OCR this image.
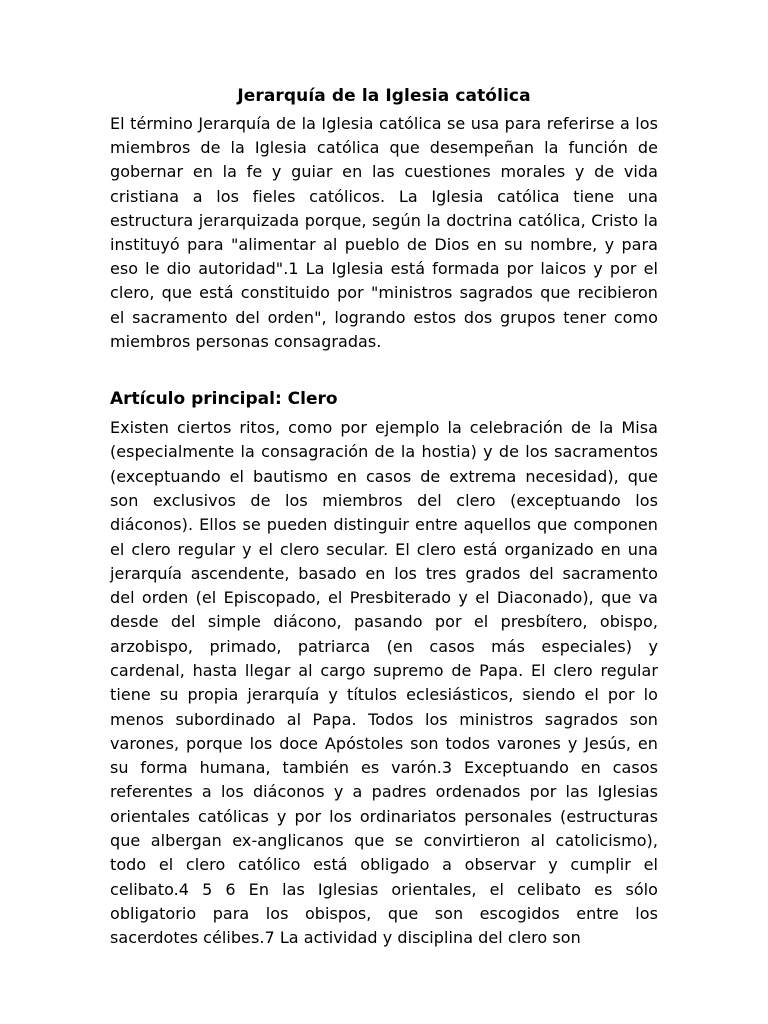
Jerarquía de la Iglesia católica

El término Jerarquía de la Iglesia católica se usa para referirse a los miembros de la Iglesia católica que desempeñan la función de gobernar en la fe y guiar en las cuestiones morales y de vida cristiana a los fieles católicos. La Iglesia católica tiene una estructura jerarquizada porque, según la doctrina católica, Cristo la instituyó para "alimentar al pueblo de Dios en su nombre, y para eso le dio autoridad".1 La Iglesia está formada por laicos y por el clero, que está constituido por "ministros sagrados que recibieron el sacramento del orden", logrando estos dos grupos tener como miembros personas consagradas.

Artículo principal: Clero

Existen ciertos ritos, como por ejemplo la celebración de la Misa (especialmente la consagración de la hostia) y de los sacramentos (exceptuando el bautismo en casos de extrema necesidad), que son exclusivos de los miembros del clero (exceptuando los diáconos). Ellos se pueden distinguir entre aquellos que componen el clero regular y el clero secular. El clero está organizado en una jerarquía ascendente, basado en los tres grados del sacramento del orden (el Episcopado, el Presbiterado y el Diaconado), que va desde del simple diácono, pasando por el presbítero, obispo, arzobispo, primado, patriarca (en casos más especiales) y cardenal, hasta llegar al cargo supremo de Papa. El clero regular tiene su propia jerarquía y títulos eclesiásticos, siendo el por lo menos subordinado al Papa. Todos los ministros sagrados son varones, porque los doce Apóstoles son todos varones y Jesús, en su forma humana, también es varón.3 Exceptuando en casos referentes a los diáconos y a padres ordenados por las Iglesias orientales católicas y por los ordinariatos personales (estructuras que albergan ex-anglicanos que se convirtieron al catolicismo), todo el clero católico está obligado a observar y cumplir el celibato.4 5 6 En las Iglesias orientales, el celibato es sólo obligatorio para los obispos, que son escogidos entre los sacerdotes célibes.7 La actividad y disciplina del clero son
